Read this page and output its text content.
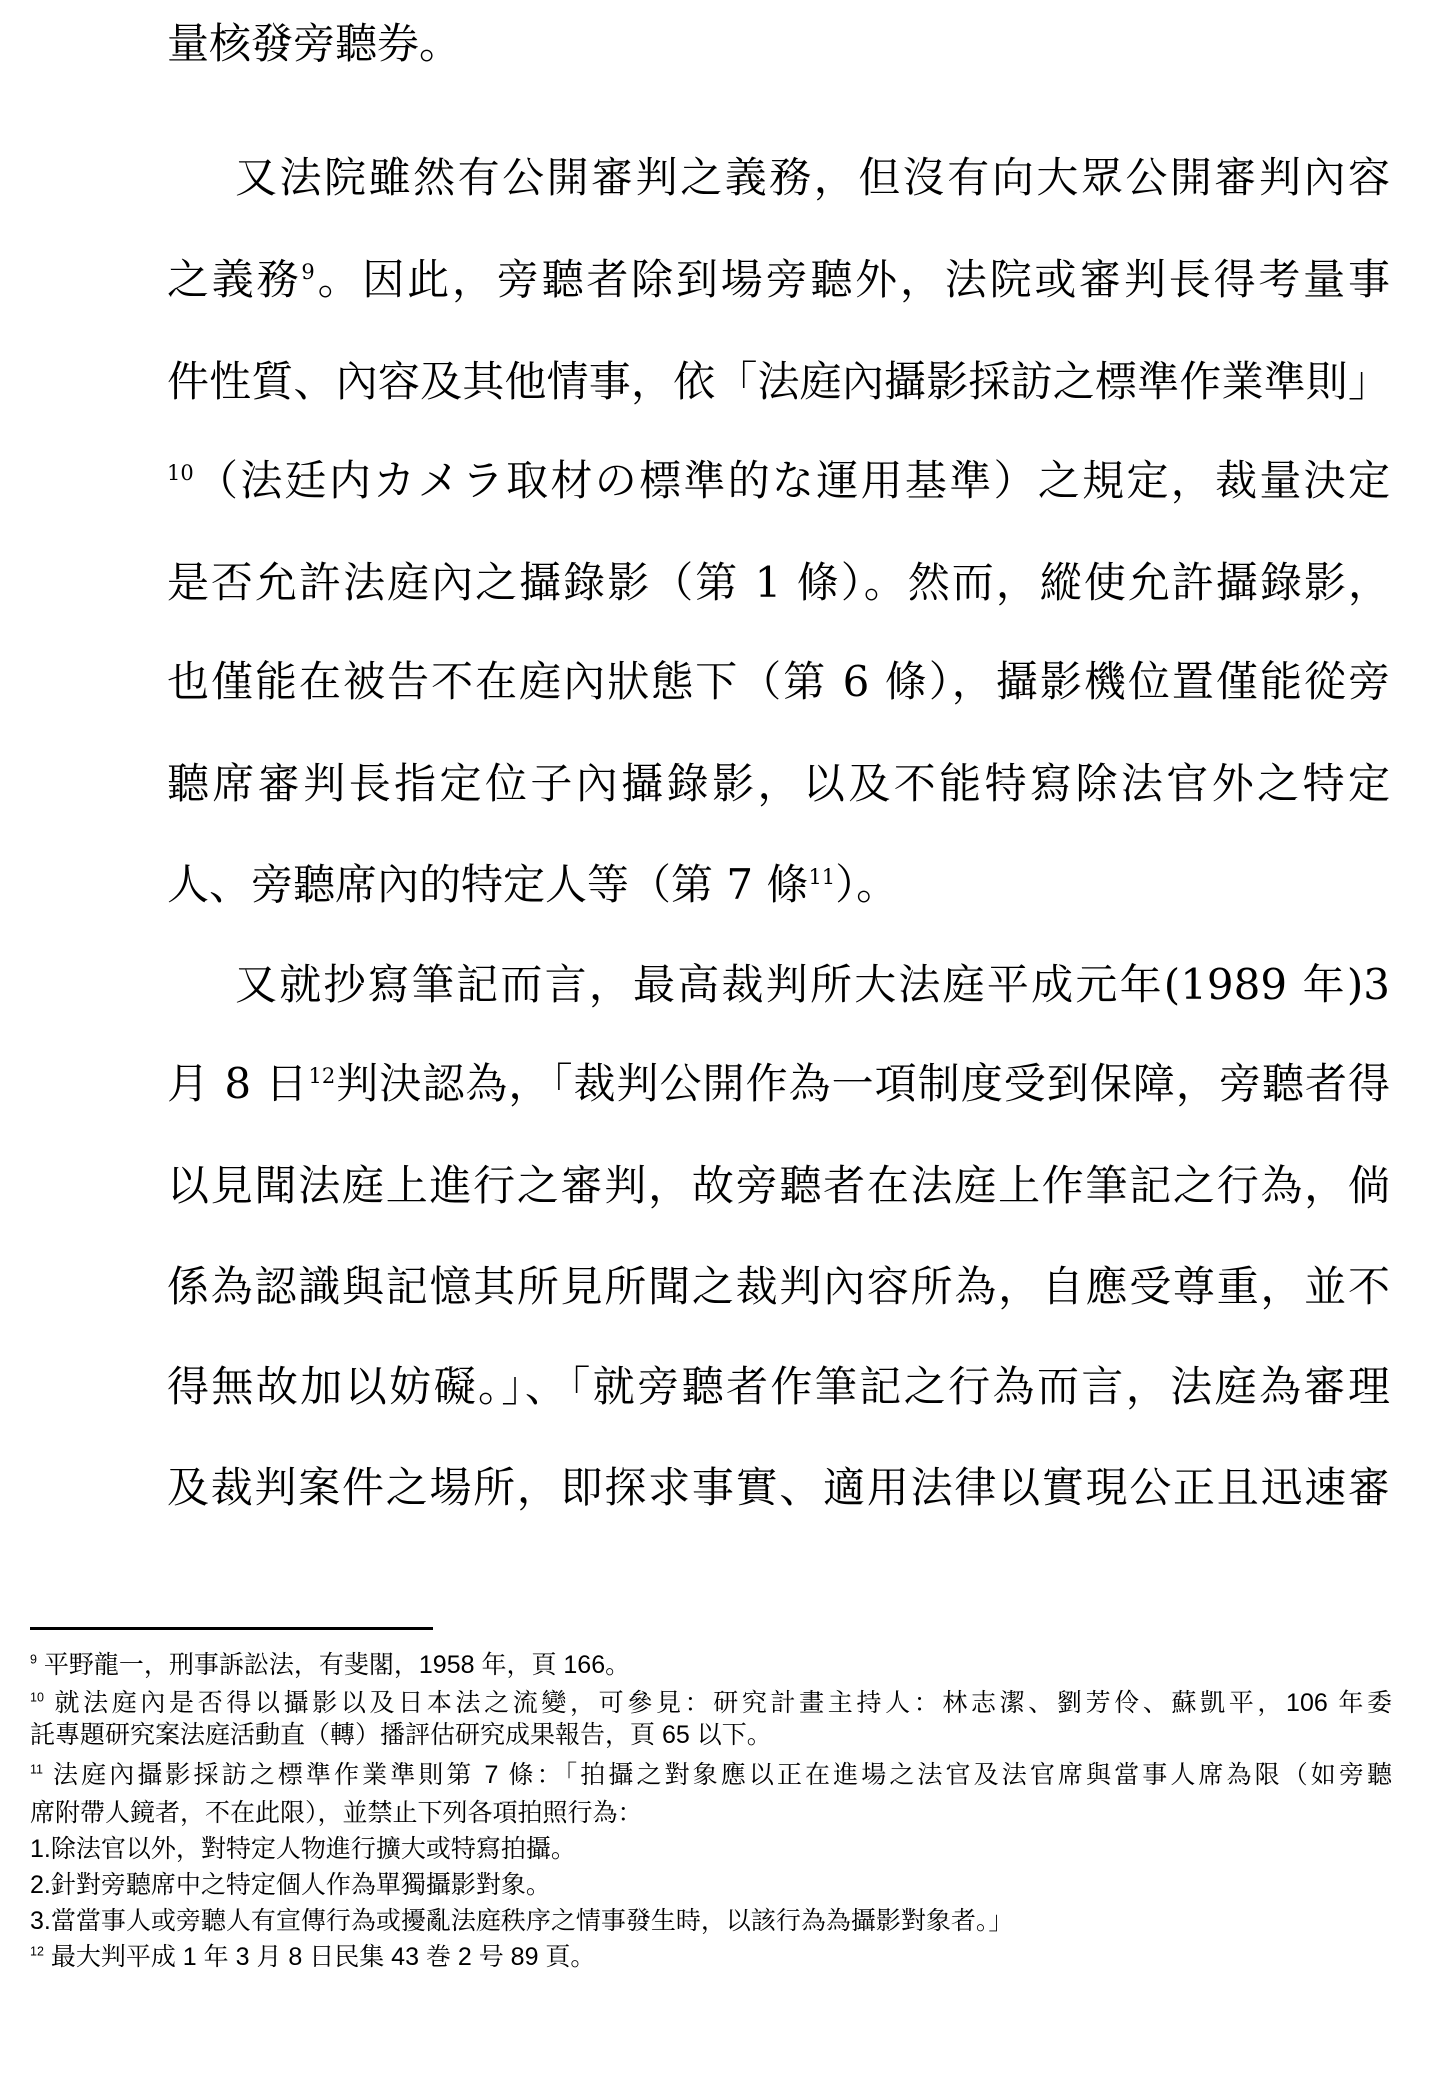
量核發旁聽券。
又法院雖然有公開審判之義務，但沒有向大眾公開審判內容
之義務$^9$。因此，旁聽者除到場旁聽外，法院或審判長得考量事
件性質、內容及其他情事，依「法庭內攝影採訪之標準作業準則」
$^{10}$（法廷内カメラ取材の標準的な運用基準）之規定，裁量決定
是否允許法庭內之攝錄影（第 1 條）。然而，縱使允許攝錄影，
也僅能在被告不在庭內狀態下（第 6 條），攝影機位置僅能從旁
聽席審判長指定位子內攝錄影，以及不能特寫除法官外之特定
人、旁聽席內的特定人等（第 7 條$^{11}$）。
又就抄寫筆記而言，最高裁判所大法庭平成元年(1989 年)3
月 8 日$^{12}$判決認為，「裁判公開作為一項制度受到保障，旁聽者得
以見聞法庭上進行之審判，故旁聽者在法庭上作筆記之行為，倘
係為認識與記憶其所見所聞之裁判內容所為，自應受尊重，並不
得無故加以妨礙。」、「就旁聽者作筆記之行為而言，法庭為審理
及裁判案件之場所，即探求事實、適用法律以實現公正且迅速審
$^9$ 平野龍一，刑事訴訟法，有斐閣，1958 年，頁 166。
$^{10}$ 就法庭內是否得以攝影以及日本法之流變，可參見：研究計畫主持人：林志潔、劉芳伶、蘇凱平，106 年委
託專題研究案法庭活動直（轉）播評估研究成果報告，頁 65 以下。
$^{11}$ 法庭內攝影採訪之標準作業準則第 7 條：「拍攝之對象應以正在進場之法官及法官席與當事人席為限（如旁聽
席附帶人鏡者，不在此限），並禁止下列各項拍照行為：
1.除法官以外，對特定人物進行擴大或特寫拍攝。
2.針對旁聽席中之特定個人作為單獨攝影對象。
3.當當事人或旁聽人有宣傳行為或擾亂法庭秩序之情事發生時，以該行為為攝影對象者。」
$^{12}$ 最大判平成 1 年 3 月 8 日民集 43 巻 2 号 89 頁。
